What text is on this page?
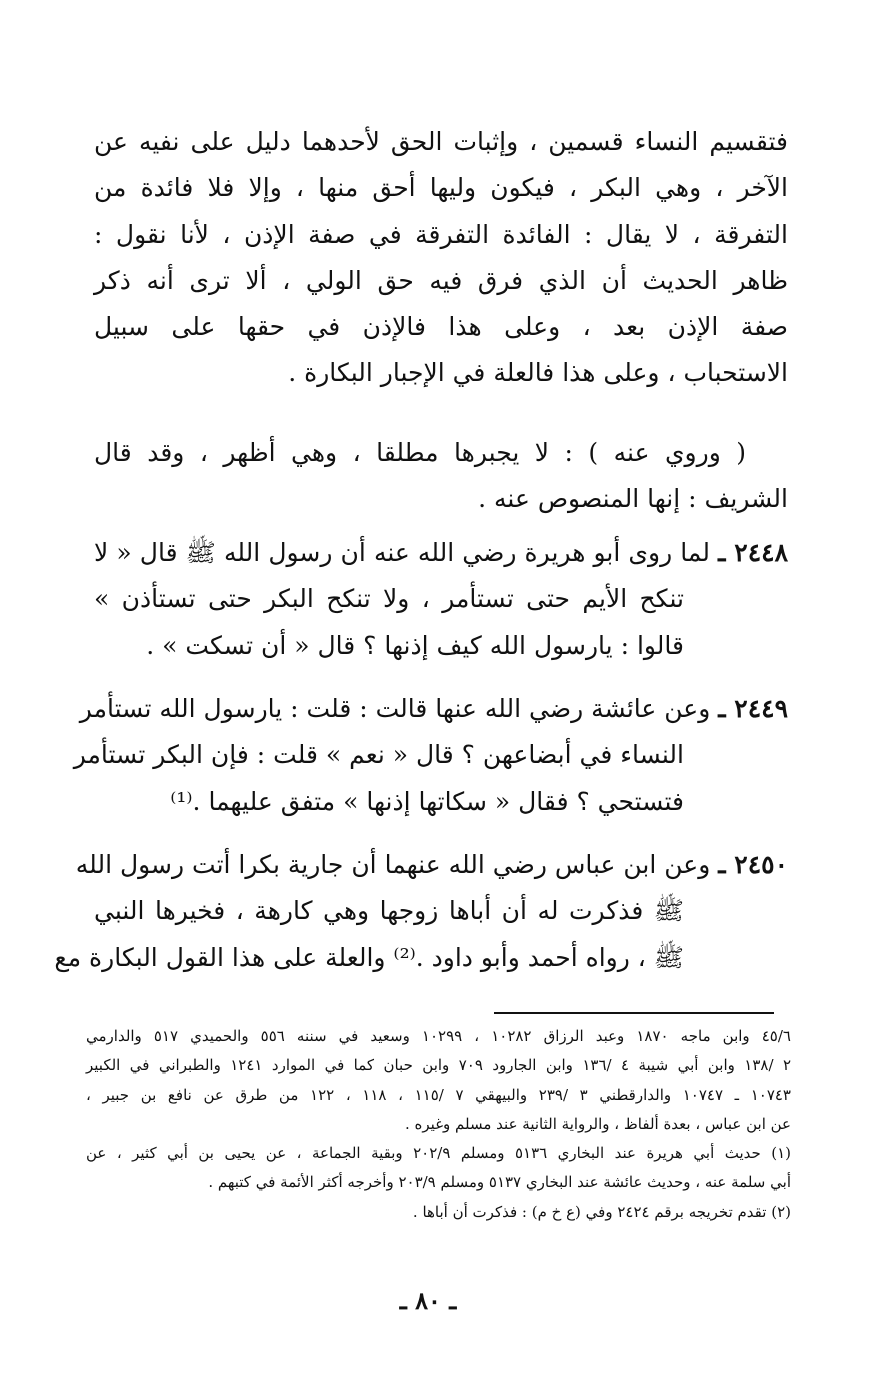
فتقسيم النساء قسمين ، وإثبات الحق لأحدهما دليل على نفيه عن
الآخر ، وهي البكر ، فيكون وليها أحق منها ، وإلا فلا فائدة من
التفرقة ، لا يقال : الفائدة التفرقة في صفة الإذن ، لأنا نقول :
ظاهر الحديث أن الذي فرق فيه حق الولي ، ألا ترى أنه ذكر
صفة الإذن بعد ، وعلى هذا فالإذن في حقها على سبيل
الاستحباب ، وعلى هذا فالعلة في الإجبار البكارة .
( وروي عنه ) : لا يجبرها مطلقا ، وهي أظهر ، وقد قال
الشريف : إنها المنصوص عنه .
٢٤٤٨ ـ لما روى أبو هريرة رضي الله عنه أن رسول الله ﷺ قال « لا
تنكح الأيم حتى تستأمر ، ولا تنكح البكر حتى تستأذن »
قالوا : يارسول الله كيف إذنها ؟ قال « أن تسكت » .
٢٤٤٩ ـ وعن عائشة رضي الله عنها قالت : قلت : يارسول الله تستأمر
النساء في أبضاعهن ؟ قال « نعم » قلت : فإن البكر تستأمر
فتستحي ؟ فقال « سكاتها إذنها » متفق عليهما .⁽¹⁾
٢٤٥٠ ـ وعن ابن عباس رضي الله عنهما أن جارية بكرا أتت رسول الله
ﷺ فذكرت له أن أباها زوجها وهي كارهة ، فخيرها النبي
ﷺ ، رواه أحمد وأبو داود .⁽²⁾ والعلة على هذا القول البكارة مع
٤٥/٦ وابن ماجه ١٨٧٠ وعبد الرزاق ١٠٢٨٢ ، ١٠٢٩٩ وسعيد في سننه ٥٥٦ والحميدي ٥١٧ والدارمي
٢ /١٣٨ وابن أبي شيبة ٤ /١٣٦ وابن الجارود ٧٠٩ وابن حبان كما في الموارد ١٢٤١ والطبراني في الكبير
١٠٧٤٣ ـ ١٠٧٤٧ والدارقطني ٣ /٢٣٩ والبيهقي ٧ /١١٥ ، ١١٨ ، ١٢٢ من طرق عن نافع بن جبير ،
عن ابن عباس ، بعدة ألفاظ ، والرواية الثانية عند مسلم وغيره .
(١) حديث أبي هريرة عند البخاري ٥١٣٦ ومسلم ٢٠٢/٩ وبقية الجماعة ، عن يحيى بن أبي كثير ، عن
أبي سلمة عنه ، وحديث عائشة عند البخاري ٥١٣٧ ومسلم ٢٠٣/٩ وأخرجه أكثر الأئمة في كتبهم .
(٢) تقدم تخريجه برقم ٢٤٢٤ وفي (ع خ م) : فذكرت أن أباها .
ـ ٨٠ ـ
